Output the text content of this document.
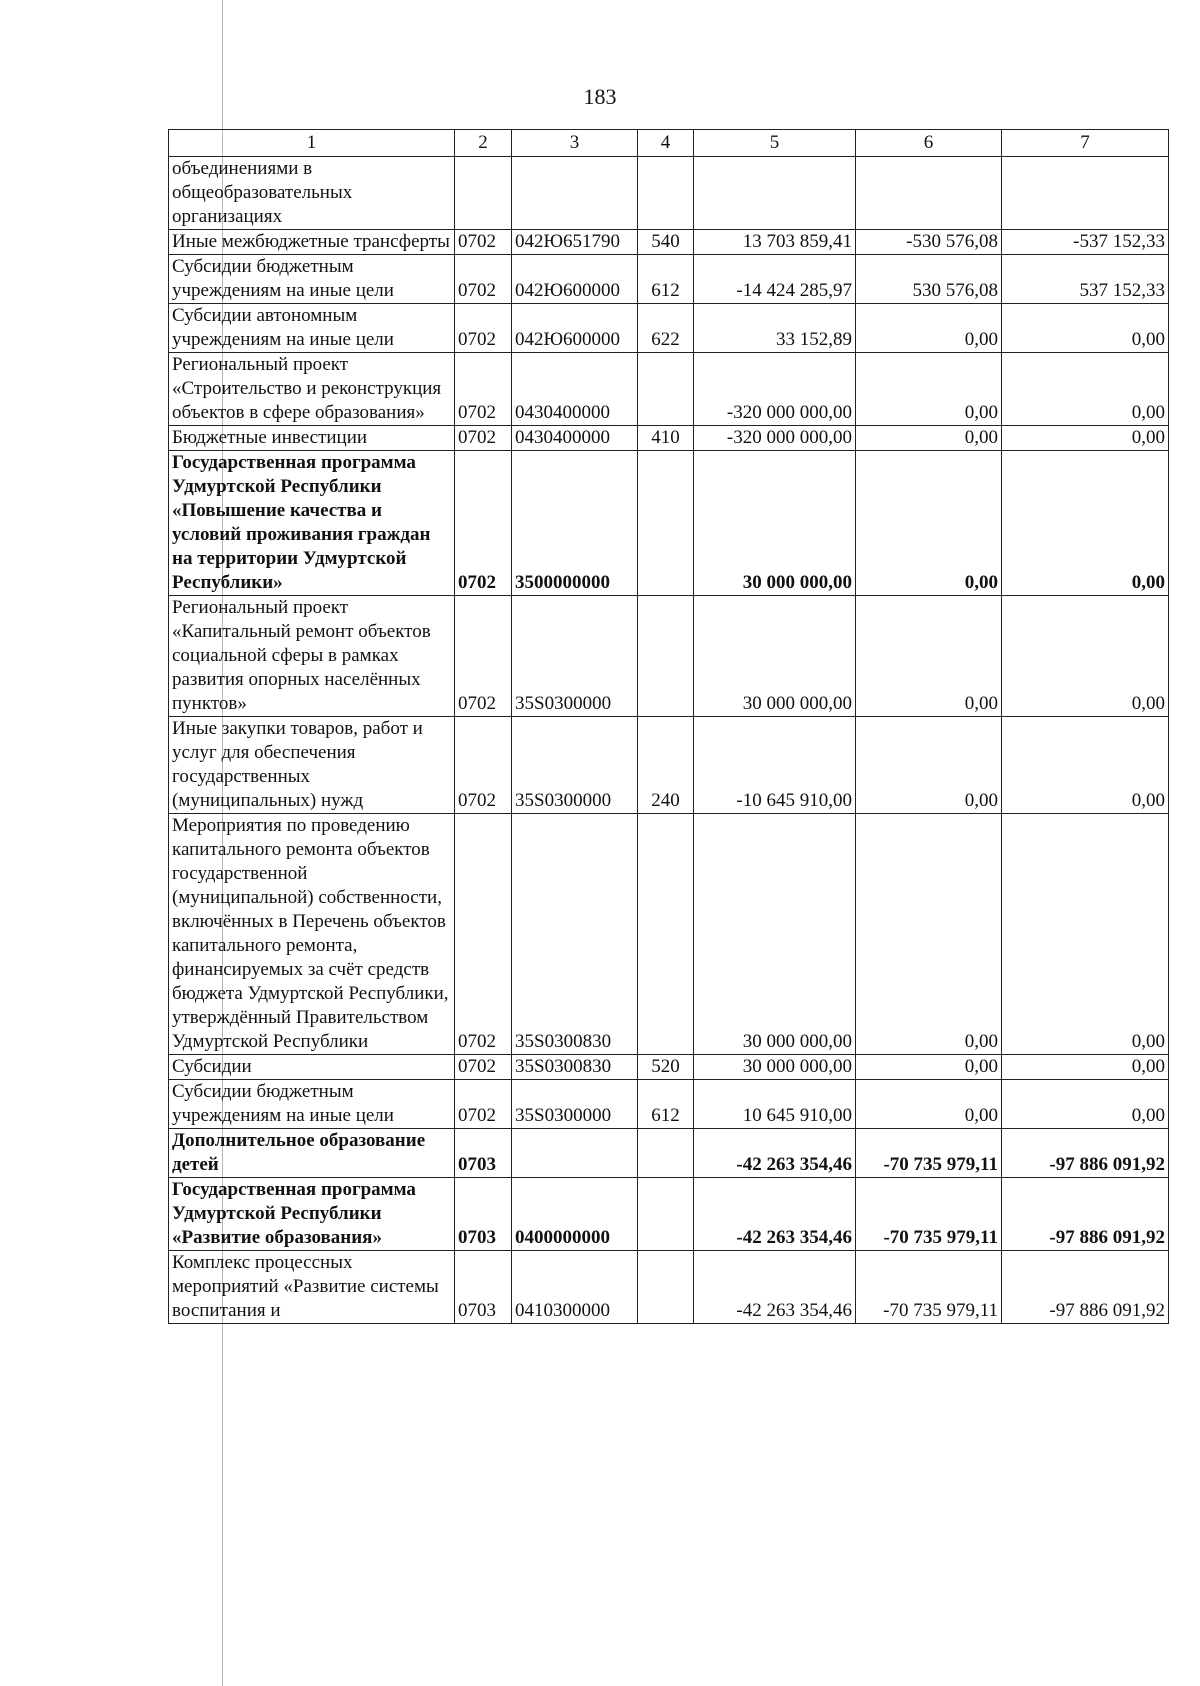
183
1	2	3	4	5	6	7
объединениями в общеобразовательных организациях						
Иные межбюджетные трансферты	0702	042Ю651790	540	13 703 859,41	-530 576,08	-537 152,33
Субсидии бюджетным учреждениям на иные цели	0702	042Ю600000	612	-14 424 285,97	530 576,08	537 152,33
Субсидии автономным учреждениям на иные цели	0702	042Ю600000	622	33 152,89	0,00	0,00
Региональный проект «Строительство и реконструкция объектов в сфере образования»	0702	0430400000		-320 000 000,00	0,00	0,00
Бюджетные инвестиции	0702	0430400000	410	-320 000 000,00	0,00	0,00
Государственная программа Удмуртской Республики «Повышение качества и условий проживания граждан на территории Удмуртской Республики»	0702	3500000000		30 000 000,00	0,00	0,00
Региональный проект «Капитальный ремонт объектов социальной сферы в рамках развития опорных населённых пунктов»	0702	35S0300000		30 000 000,00	0,00	0,00
Иные закупки товаров, работ и услуг для обеспечения государственных (муниципальных) нужд	0702	35S0300000	240	-10 645 910,00	0,00	0,00
Мероприятия по проведению капитального ремонта объектов государственной (муниципальной) собственности, включённых в Перечень объектов капитального ремонта, финансируемых за счёт средств бюджета Удмуртской Республики, утверждённый Правительством Удмуртской Республики	0702	35S0300830		30 000 000,00	0,00	0,00
Субсидии	0702	35S0300830	520	30 000 000,00	0,00	0,00
Субсидии бюджетным учреждениям на иные цели	0702	35S0300000	612	10 645 910,00	0,00	0,00
Дополнительное образование детей	0703			-42 263 354,46	-70 735 979,11	-97 886 091,92
Государственная программа Удмуртской Республики «Развитие образования»	0703	0400000000		-42 263 354,46	-70 735 979,11	-97 886 091,92
Комплекс процессных мероприятий «Развитие системы воспитания и	0703	0410300000		-42 263 354,46	-70 735 979,11	-97 886 091,92
